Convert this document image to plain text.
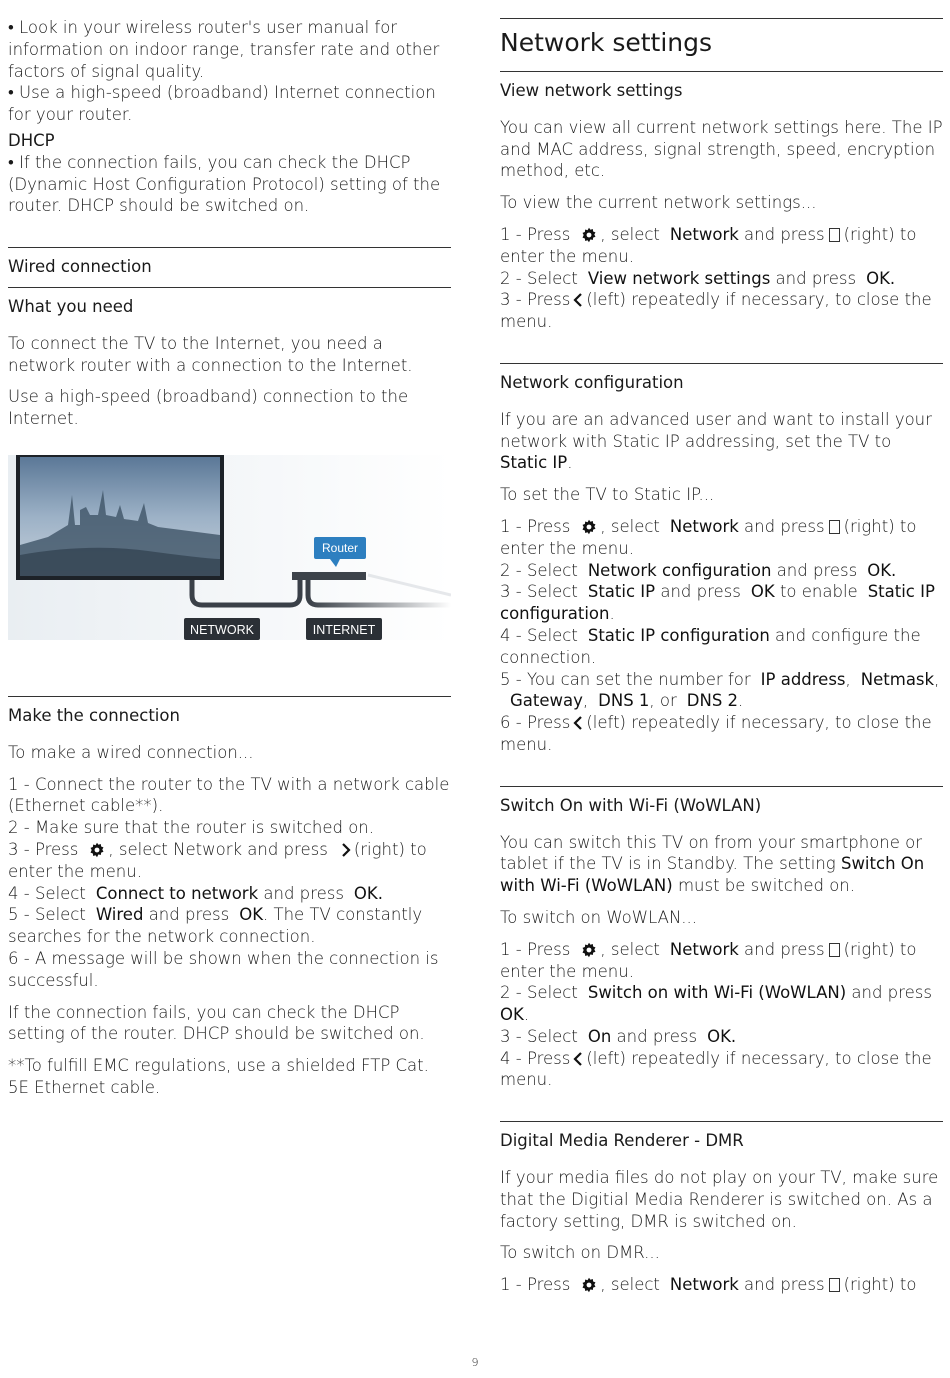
• Look in your wireless router's user manual for information on indoor range, transfer rate and other factors of signal quality.

• Use a high-speed (broadband) Internet connection for your router.

DHCP

• If the connection fails, you can check the DHCP (Dynamic Host Configuration Protocol) setting of the router. DHCP should be switched on.

Wired connection

What you need

To connect the TV to the Internet, you need a network router with a connection to the Internet.

Use a high-speed (broadband) connection to the Internet.

Make the connection

To make a wired connection...

1 - Connect the router to the TV with a network cable (Ethernet cable**).

2 - Make sure that the router is switched on.

3 - Press , select Network and press (right) to enter the menu.

4 - Select Connect to network and press OK.

5 - Select Wired and press OK. The TV constantly searches for the network connection.

6 - A message will be shown when the connection is successful.

If the connection fails, you can check the DHCP setting of the router. DHCP should be switched on.

**To fulfill EMC regulations, use a shielded FTP Cat. 5E Ethernet cable.

Router
NETWORK	INTERNET

Network settings

View network settings

You can view all current network settings here. The IP and MAC address, signal strength, speed, encryption method, etc.

To view the current network settings...

1 - Press , select Network and press (right) to enter the menu.

2 - Select View network settings and press OK.

3 - Press (left) repeatedly if necessary, to close the menu.

Network configuration

If you are an advanced user and want to install your network with Static IP addressing, set the TV to Static IP.

To set the TV to Static IP...

1 - Press , select Network and press (right) to enter the menu.

2 - Select Network configuration and press OK.

3 - Select Static IP and press OK to enable Static IP configuration.

4 - Select Static IP configuration and configure the connection.

5 - You can set the number for IP address, Netmask,Gateway, DNS 1, or DNS 2.

6 - Press (left) repeatedly if necessary, to close the menu.

Switch On with Wi-Fi (WoWLAN)

You can switch this TV on from your smartphone or tablet if the TV is in Standby. The setting Switch On with Wi-Fi (WoWLAN) must be switched on.

To switch on WoWLAN...

1 - Press , select Network and press (right) to enter the menu.

2 - Select Switch on with Wi-Fi (WoWLAN) and pressOK.

3 - Select On and press OK.

4 - Press (left) repeatedly if necessary, to close the menu.

Digital Media Renderer - DMR

If your media files do not play on your TV, make sure that the Digitial Media Renderer is switched on. As a factory setting, DMR is switched on.

To switch on DMR...

1 - Press , select Network and press (right) to

9
